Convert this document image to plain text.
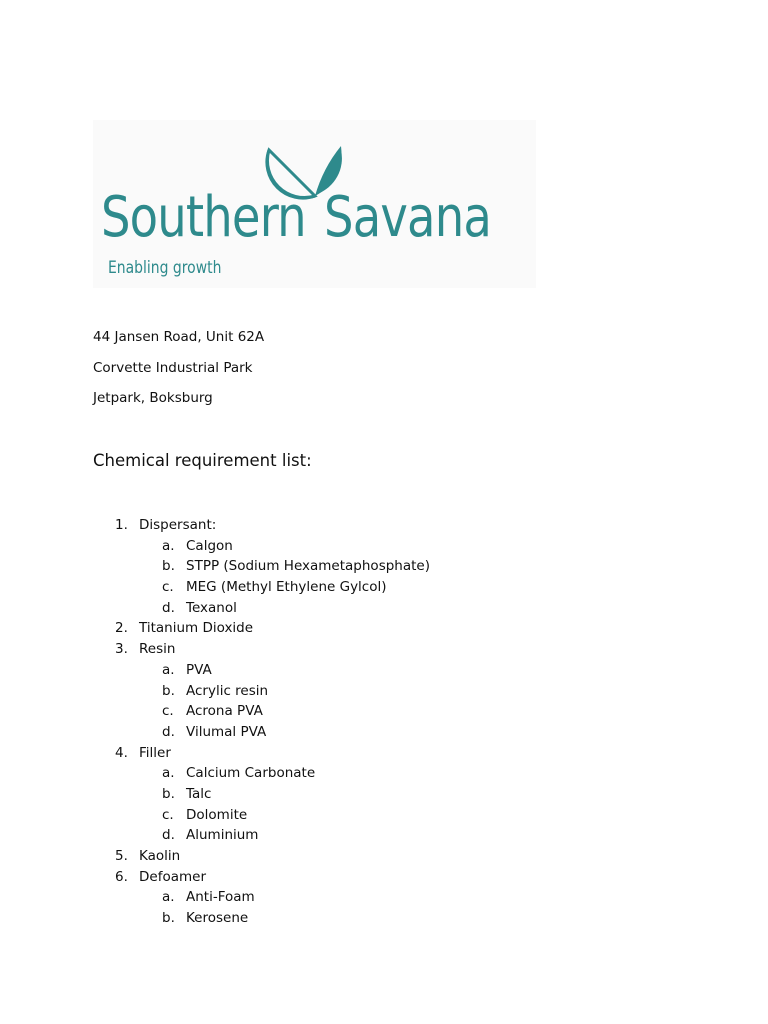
Southern Savana
Enabling growth
44 Jansen Road, Unit 62A
Corvette Industrial Park
Jetpark, Boksburg
Chemical requirement list:
1. Dispersant:
a. Calgon
b. STPP (Sodium Hexametaphosphate)
c. MEG (Methyl Ethylene Gylcol)
d. Texanol
2. Titanium Dioxide
3. Resin
a. PVA
b. Acrylic resin
c. Acrona PVA
d. Vilumal PVA
4. Filler
a. Calcium Carbonate
b. Talc
c. Dolomite
d. Aluminium
5. Kaolin
6. Defoamer
a. Anti-Foam
b. Kerosene
